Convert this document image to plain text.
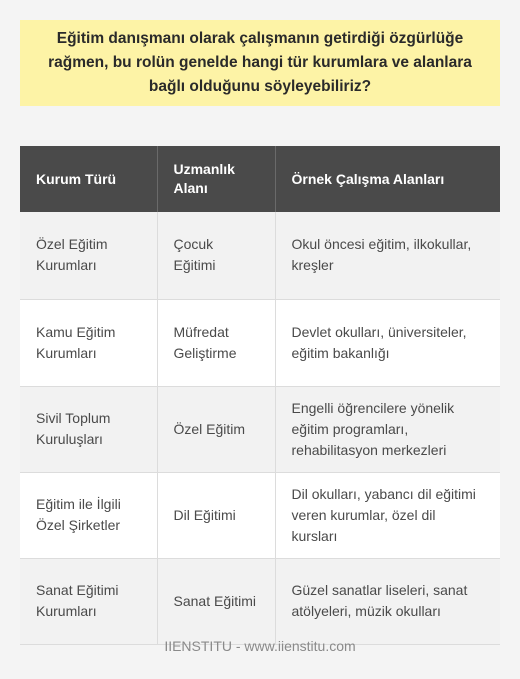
Eğitim danışmanı olarak çalışmanın getirdiği özgürlüğe rağmen, bu rolün genelde hangi tür kurumlara ve alanlara bağlı olduğunu söyleyebiliriz?
Kurum Türü	Uzmanlık Alanı	Örnek Çalışma Alanları
Özel Eğitim Kurumları	Çocuk Eğitimi	Okul öncesi eğitim, ilkokullar, kreşler
Kamu Eğitim Kurumları	Müfredat Geliştirme	Devlet okulları, üniversiteler, eğitim bakanlığı
Sivil Toplum Kuruluşları	Özel Eğitim	Engelli öğrencilere yönelik eğitim programları, rehabilitasyon merkezleri
Eğitim ile İlgili Özel Şirketler	Dil Eğitimi	Dil okulları, yabancı dil eğitimi veren kurumlar, özel dil kursları
Sanat Eğitimi Kurumları	Sanat Eğitimi	Güzel sanatlar liseleri, sanat atölyeleri, müzik okulları
IIENSTITU - www.iienstitu.com
